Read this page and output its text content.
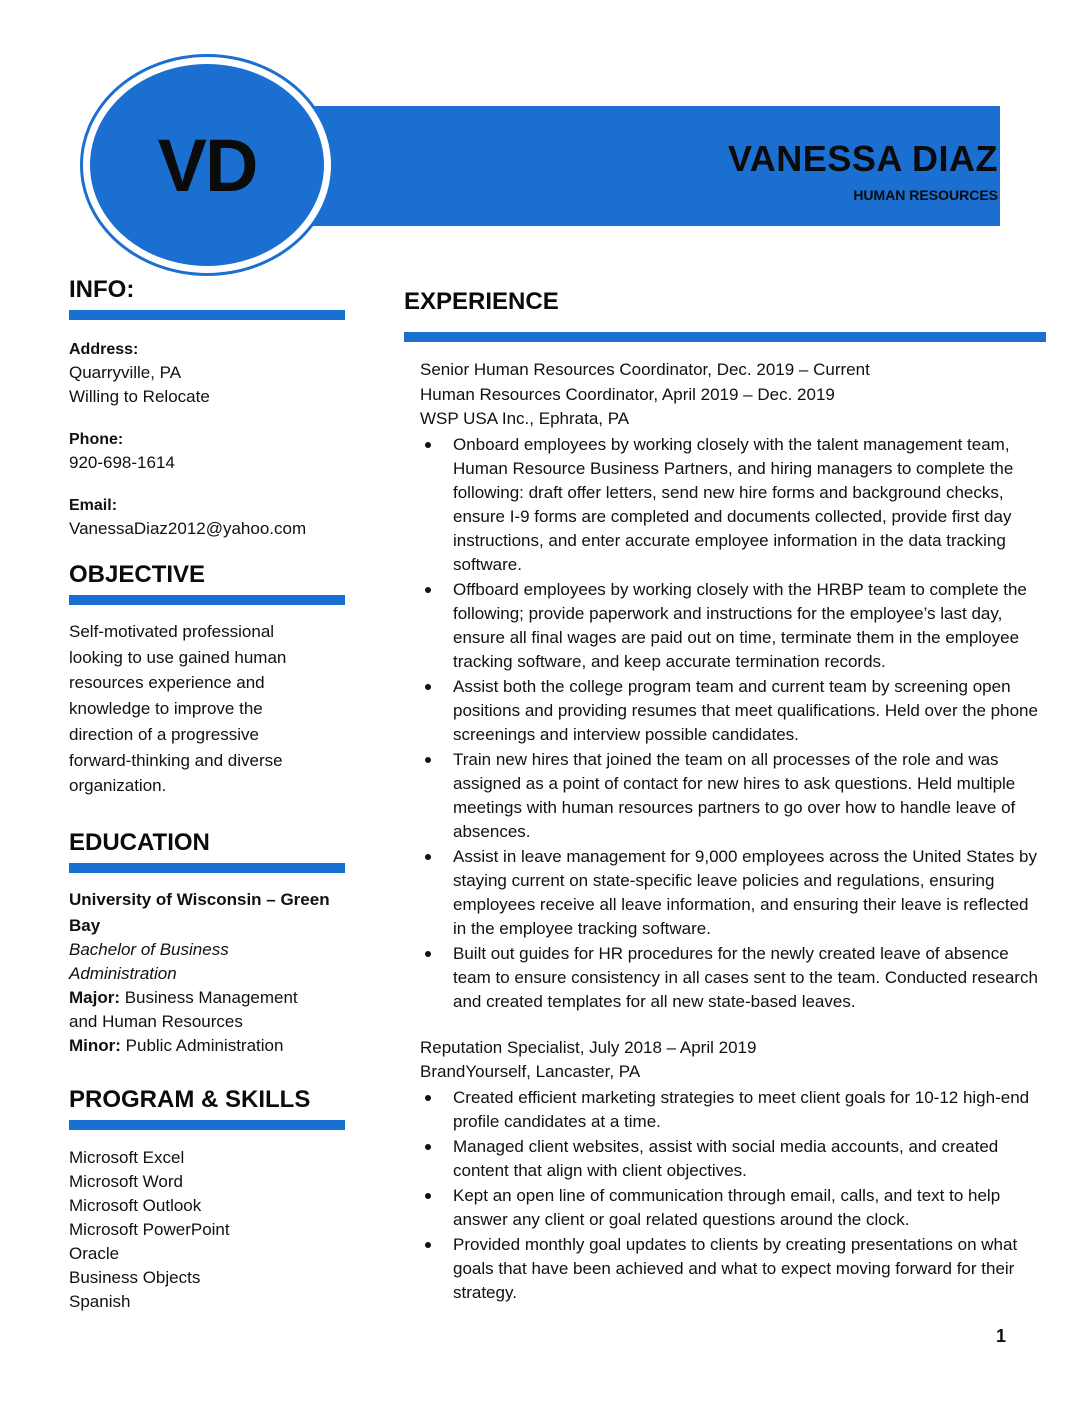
VANESSA DIAZ
HUMAN RESOURCES
VD
INFO:

Address:

Quarryville, PA

Willing to Relocate

Phone:

920-698-1614

Email:

VanessaDiaz2012@yahoo.com

OBJECTIVE

Self-motivated professional

looking to use gained human

resources experience and

knowledge to improve the

direction of a progressive

forward-thinking and diverse

organization.

EDUCATION

University of Wisconsin – Green

Bay

Bachelor of Business

Administration

Major: Business Management

and Human Resources

Minor: Public Administration

PROGRAM & SKILLS

Microsoft Excel

Microsoft Word

Microsoft Outlook

Microsoft PowerPoint

Oracle

Business Objects

Spanish

EXPERIENCE

Senior Human Resources Coordinator, Dec. 2019 – Current

Human Resources Coordinator, April 2019 – Dec. 2019

WSP USA Inc., Ephrata, PA

Onboard employees by working closely with the talent management team, Human Resource Business Partners, and hiring managers to complete the following: draft offer letters, send new hire forms and background checks, ensure I-9 forms are completed and documents collected, provide first day instructions, and enter accurate employee information in the data tracking software.
Offboard employees by working closely with the HRBP team to complete the following; provide paperwork and instructions for the employee’s last day, ensure all final wages are paid out on time, terminate them in the employee tracking software, and keep accurate termination records.
Assist both the college program team and current team by screening open positions and providing resumes that meet qualifications. Held over the phone screenings and interview possible candidates.
Train new hires that joined the team on all processes of the role and was assigned as a point of contact for new hires to ask questions. Held multiple meetings with human resources partners to go over how to handle leave of absences.
Assist in leave management for 9,000 employees across the United States by staying current on state-specific leave policies and regulations, ensuring employees receive all leave information, and ensuring their leave is reflected in the employee tracking software.
Built out guides for HR procedures for the newly created leave of absence team to ensure consistency in all cases sent to the team. Conducted research and created templates for all new state-based leaves.

Reputation Specialist, July 2018 – April 2019

BrandYourself, Lancaster, PA

Created efficient marketing strategies to meet client goals for 10-12 high-end profile candidates at a time.
Managed client websites, assist with social media accounts, and created content that align with client objectives.
Kept an open line of communication through email, calls, and text to help answer any client or goal related questions around the clock.
Provided monthly goal updates to clients by creating presentations on what goals that have been achieved and what to expect moving forward for their strategy.
1
